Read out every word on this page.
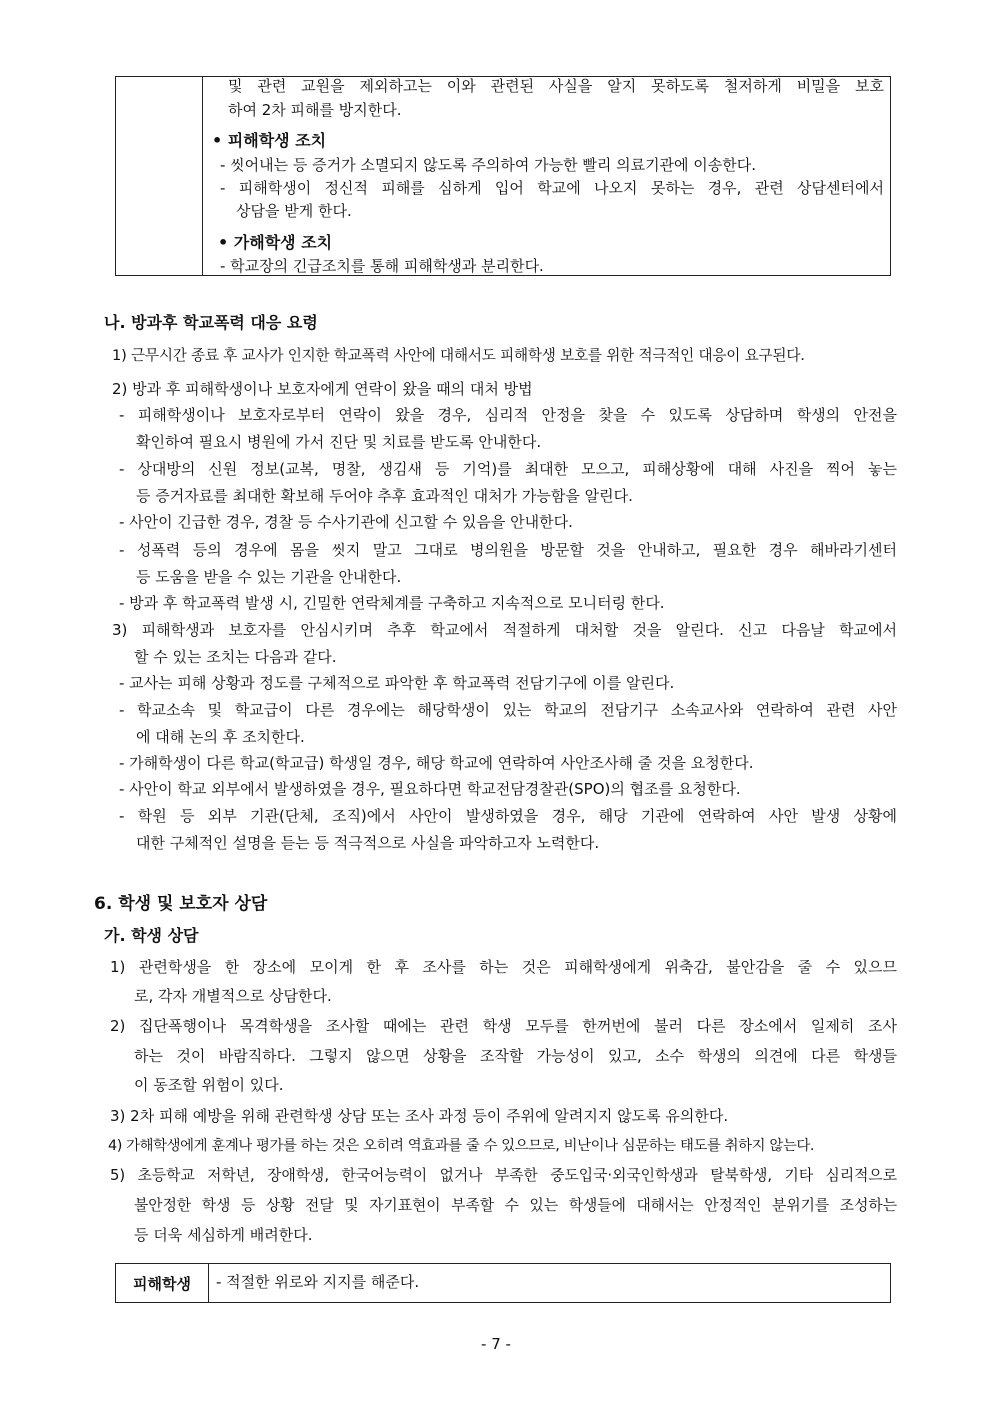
및 관련 교원을 제외하고는 이와 관련된 사실을 알지 못하도록 철저하게 비밀을 보호
하여 2차 피해를 방지한다.
• 피해학생 조치
- 씻어내는 등 증거가 소멸되지 않도록 주의하여 가능한 빨리 의료기관에 이송한다.
- 피해학생이 정신적 피해를 심하게 입어 학교에 나오지 못하는 경우, 관련 상담센터에서
상담을 받게 한다.
• 가해학생 조치
- 학교장의 긴급조치를 통해 피해학생과 분리한다.
나. 방과후 학교폭력 대응 요령
1) 근무시간 종료 후 교사가 인지한 학교폭력 사안에 대해서도 피해학생 보호를 위한 적극적인 대응이 요구된다.
2) 방과 후 피해학생이나 보호자에게 연락이 왔을 때의 대처 방법
- 피해학생이나 보호자로부터 연락이 왔을 경우, 심리적 안정을 찾을 수 있도록 상담하며 학생의 안전을
확인하여 필요시 병원에 가서 진단 및 치료를 받도록 안내한다.
- 상대방의 신원 정보(교복, 명찰, 생김새 등 기억)를 최대한 모으고, 피해상황에 대해 사진을 찍어 놓는
등 증거자료를 최대한 확보해 두어야 추후 효과적인 대처가 가능함을 알린다.
- 사안이 긴급한 경우, 경찰 등 수사기관에 신고할 수 있음을 안내한다.
- 성폭력 등의 경우에 몸을 씻지 말고 그대로 병의원을 방문할 것을 안내하고, 필요한 경우 해바라기센터
등 도움을 받을 수 있는 기관을 안내한다.
- 방과 후 학교폭력 발생 시, 긴밀한 연락체계를 구축하고 지속적으로 모니터링 한다.
3) 피해학생과 보호자를 안심시키며 추후 학교에서 적절하게 대처할 것을 알린다. 신고 다음날 학교에서
할 수 있는 조치는 다음과 같다.
- 교사는 피해 상황과 정도를 구체적으로 파악한 후 학교폭력 전담기구에 이를 알린다.
- 학교소속 및 학교급이 다른 경우에는 해당학생이 있는 학교의 전담기구 소속교사와 연락하여 관련 사안
에 대해 논의 후 조치한다.
- 가해학생이 다른 학교(학교급) 학생일 경우, 해당 학교에 연락하여 사안조사해 줄 것을 요청한다.
- 사안이 학교 외부에서 발생하였을 경우, 필요하다면 학교전담경찰관(SPO)의 협조를 요청한다.
- 학원 등 외부 기관(단체, 조직)에서 사안이 발생하였을 경우, 해당 기관에 연락하여 사안 발생 상황에
대한 구체적인 설명을 듣는 등 적극적으로 사실을 파악하고자 노력한다.
6. 학생 및 보호자 상담
가. 학생 상담
1) 관련학생을 한 장소에 모이게 한 후 조사를 하는 것은 피해학생에게 위축감, 불안감을 줄 수 있으므
로, 각자 개별적으로 상담한다.
2) 집단폭행이나 목격학생을 조사할 때에는 관련 학생 모두를 한꺼번에 불러 다른 장소에서 일제히 조사
하는 것이 바람직하다. 그렇지 않으면 상황을 조작할 가능성이 있고, 소수 학생의 의견에 다른 학생들
이 동조할 위험이 있다.
3) 2차 피해 예방을 위해 관련학생 상담 또는 조사 과정 등이 주위에 알려지지 않도록 유의한다.
4) 가해학생에게 훈계나 평가를 하는 것은 오히려 역효과를 줄 수 있으므로, 비난이나 심문하는 태도를 취하지 않는다.
5) 초등학교 저학년, 장애학생, 한국어능력이 없거나 부족한 중도입국·외국인학생과 탈북학생, 기타 심리적으로
불안정한 학생 등 상황 전달 및 자기표현이 부족할 수 있는 학생들에 대해서는 안정적인 분위기를 조성하는
등 더욱 세심하게 배려한다.
피해학생	- 적절한 위로와 지지를 해준다.
- 7 -
